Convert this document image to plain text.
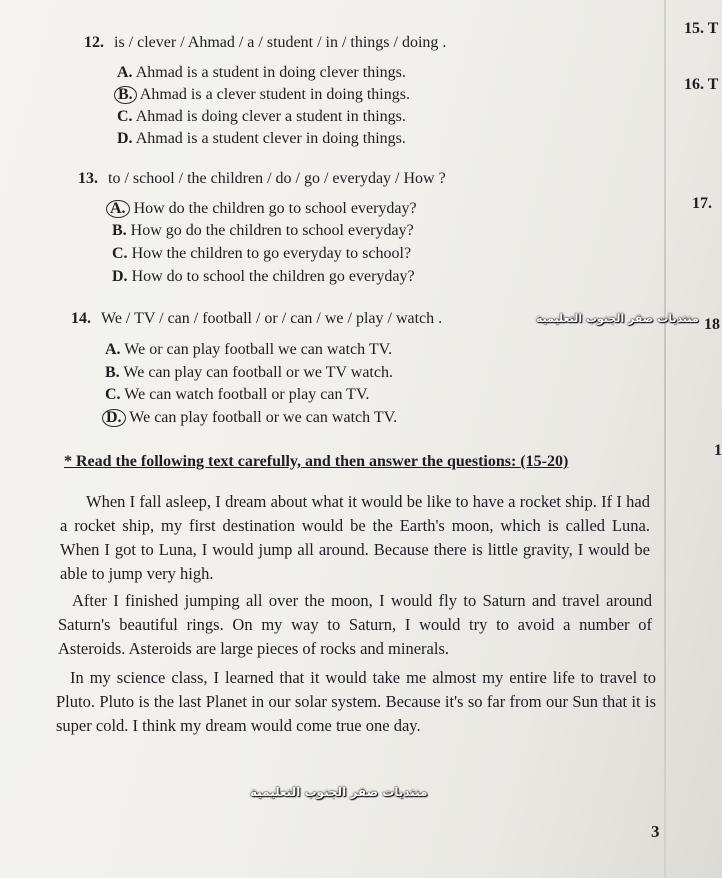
12. is / clever / Ahmad / a / student / in / things / doing .
A. Ahmad is a student in doing clever things.
B. Ahmad is a clever student in doing things.
C. Ahmad is doing clever a student in things.
D. Ahmad is a student clever in doing things.
13. to / school / the children / do / go / everyday / How ?
A. How do the children go to school everyday?
B. How go do the children to school everyday?
C. How the children to go everyday to school?
D. How do to school the children go everyday?
14. We / TV / can / football / or / can / we / play / watch .
A. We or can play football we can watch TV.
B. We can play can football or we TV watch.
C. We can watch football or play can TV.
D. We can play football or we can watch TV.
منتديات صقر الجنوب التعليمية
15. T
16. T
17.
18
1
* Read the following text carefully, and then answer the questions: (15-20)
When I fall asleep, I dream about what it would be like to have a rocket ship. If I had a rocket ship, my first destination would be the Earth's moon, which is called Luna. When I got to Luna, I would jump all around. Because there is little gravity, I would be able to jump very high.
After I finished jumping all over the moon, I would fly to Saturn and travel around Saturn's beautiful rings. On my way to Saturn, I would try to avoid a number of Asteroids. Asteroids are large pieces of rocks and minerals.
In my science class, I learned that it would take me almost my entire life to travel to Pluto. Pluto is the last Planet in our solar system. Because it's so far from our Sun that it is super cold. I think my dream would come true one day.
منتديات صقر الجنوب التعليمية
3
